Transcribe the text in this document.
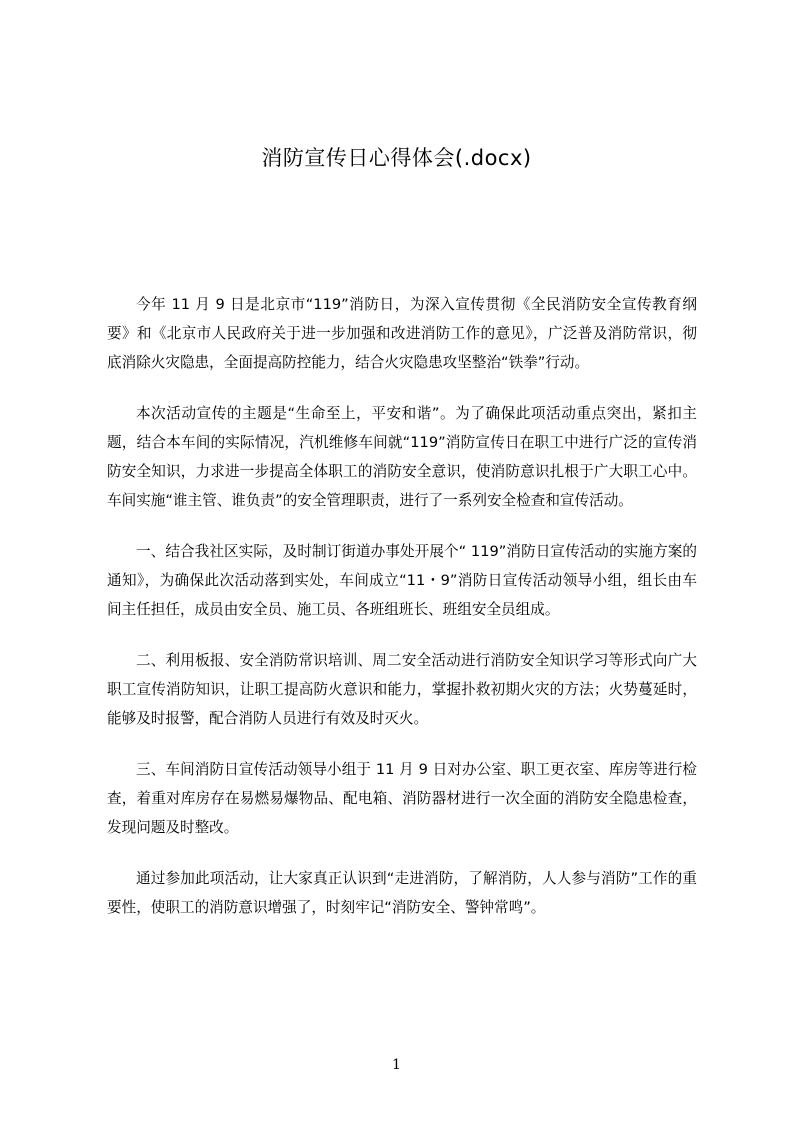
消防宣传日心得体会(.docx)

今年 11 月 9 日是北京市“119”消防日，为深入宣传贯彻《全民消防安全宣传教育纲要》和《北京市人民政府关于进一步加强和改进消防工作的意见》，广泛普及消防常识，彻底消除火灾隐患，全面提高防控能力，结合火灾隐患攻坚整治“铁拳”行动。

本次活动宣传的主题是“生命至上，平安和谐”。为了确保此项活动重点突出，紧扣主题，结合本车间的实际情况，汽机维修车间就“119”消防宣传日在职工中进行广泛的宣传消防安全知识，力求进一步提高全体职工的消防安全意识，使消防意识扎根于广大职工心中。车间实施“谁主管、谁负责”的安全管理职责，进行了一系列安全检查和宣传活动。

一、结合我社区实际，及时制订街道办事处开展个“ 119”消防日宣传活动的实施方案的通知》，为确保此次活动落到实处，车间成立“11・9”消防日宣传活动领导小组，组长由车间主任担任，成员由安全员、施工员、各班组班长、班组安全员组成。

二、利用板报、安全消防常识培训、周二安全活动进行消防安全知识学习等形式向广大职工宣传消防知识，让职工提高防火意识和能力，掌握扑救初期火灾的方法；火势蔓延时，能够及时报警，配合消防人员进行有效及时灭火。

三、车间消防日宣传活动领导小组于 11 月 9 日对办公室、职工更衣室、库房等进行检查，着重对库房存在易燃易爆物品、配电箱、消防器材进行一次全面的消防安全隐患检查，发现问题及时整改。

通过参加此项活动，让大家真正认识到“走进消防，了解消防，人人参与消防”工作的重要性，使职工的消防意识增强了，时刻牢记“消防安全、警钟常鸣”。

1
